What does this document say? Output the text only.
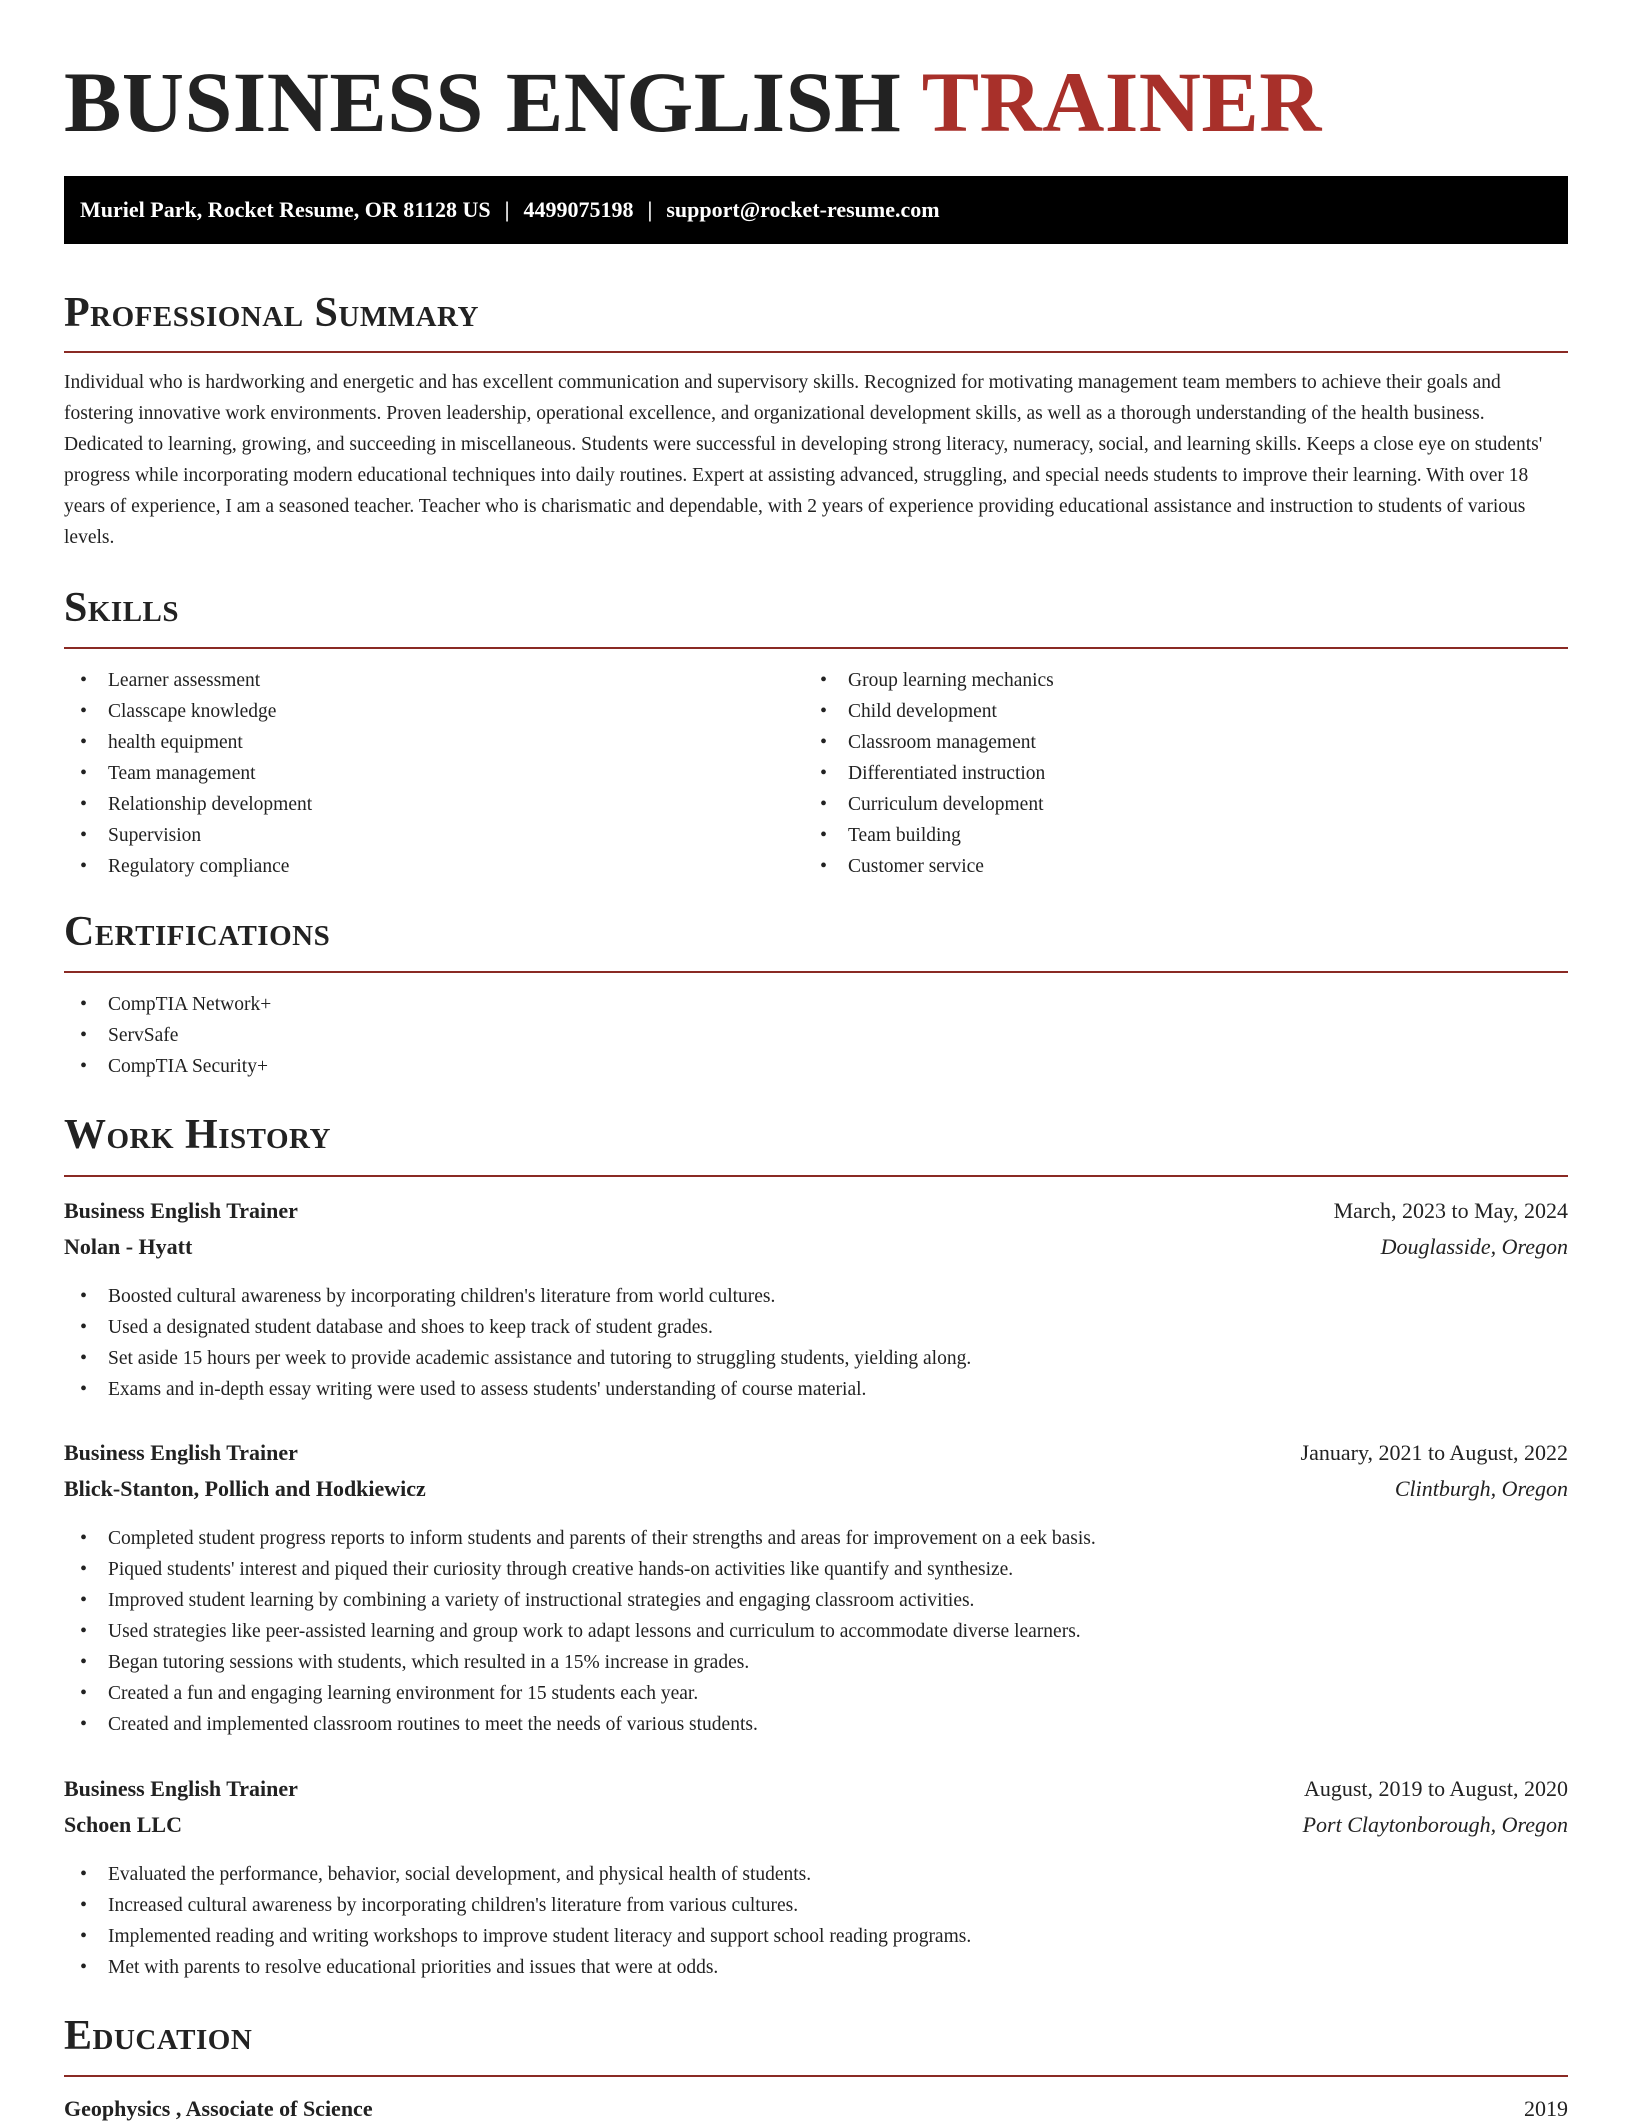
BUSINESS ENGLISH TRAINER
Muriel Park, Rocket Resume, OR 81128 US | 4499075198 | support@rocket-resume.com
Professional Summary

Individual who is hardworking and energetic and has excellent communication and supervisory skills. Recognized for motivating management team members to achieve their goals and fostering innovative work environments. Proven leadership, operational excellence, and organizational development skills, as well as a thorough understanding of the health business. Dedicated to learning, growing, and succeeding in miscellaneous. Students were successful in developing strong literacy, numeracy, social, and learning skills. Keeps a close eye on students' progress while incorporating modern educational techniques into daily routines. Expert at assisting advanced, struggling, and special needs students to improve their learning. With over 18 years of experience, I am a seasoned teacher. Teacher who is charismatic and dependable, with 2 years of experience providing educational assistance and instruction to students of various levels.

Skills
• Learner assessment
• Classcape knowledge
• health equipment
• Team management
• Relationship development
• Supervision
• Regulatory compliance
• Group learning mechanics
• Child development
• Classroom management
• Differentiated instruction
• Curriculum development
• Team building
• Customer service
Certifications
• CompTIA Network+
• ServSafe
• CompTIA Security+
Work History
Business English Trainer	March, 2023 to May, 2024
Nolan - Hyatt	Douglasside, Oregon
• Boosted cultural awareness by incorporating children's literature from world cultures.
• Used a designated student database and shoes to keep track of student grades.
• Set aside 15 hours per week to provide academic assistance and tutoring to struggling students, yielding along.
• Exams and in-depth essay writing were used to assess students' understanding of course material.
Business English Trainer	January, 2021 to August, 2022
Blick-Stanton, Pollich and Hodkiewicz	Clintburgh, Oregon
• Completed student progress reports to inform students and parents of their strengths and areas for improvement on a eek basis.
• Piqued students' interest and piqued their curiosity through creative hands-on activities like quantify and synthesize.
• Improved student learning by combining a variety of instructional strategies and engaging classroom activities.
• Used strategies like peer-assisted learning and group work to adapt lessons and curriculum to accommodate diverse learners.
• Began tutoring sessions with students, which resulted in a 15% increase in grades.
• Created a fun and engaging learning environment for 15 students each year.
• Created and implemented classroom routines to meet the needs of various students.
Business English Trainer	August, 2019 to August, 2020
Schoen LLC	Port Claytonborough, Oregon
• Evaluated the performance, behavior, social development, and physical health of students.
• Increased cultural awareness by incorporating children's literature from various cultures.
• Implemented reading and writing workshops to improve student literacy and support school reading programs.
• Met with parents to resolve educational priorities and issues that were at odds.
Education
Geophysics , Associate of Science	2019
